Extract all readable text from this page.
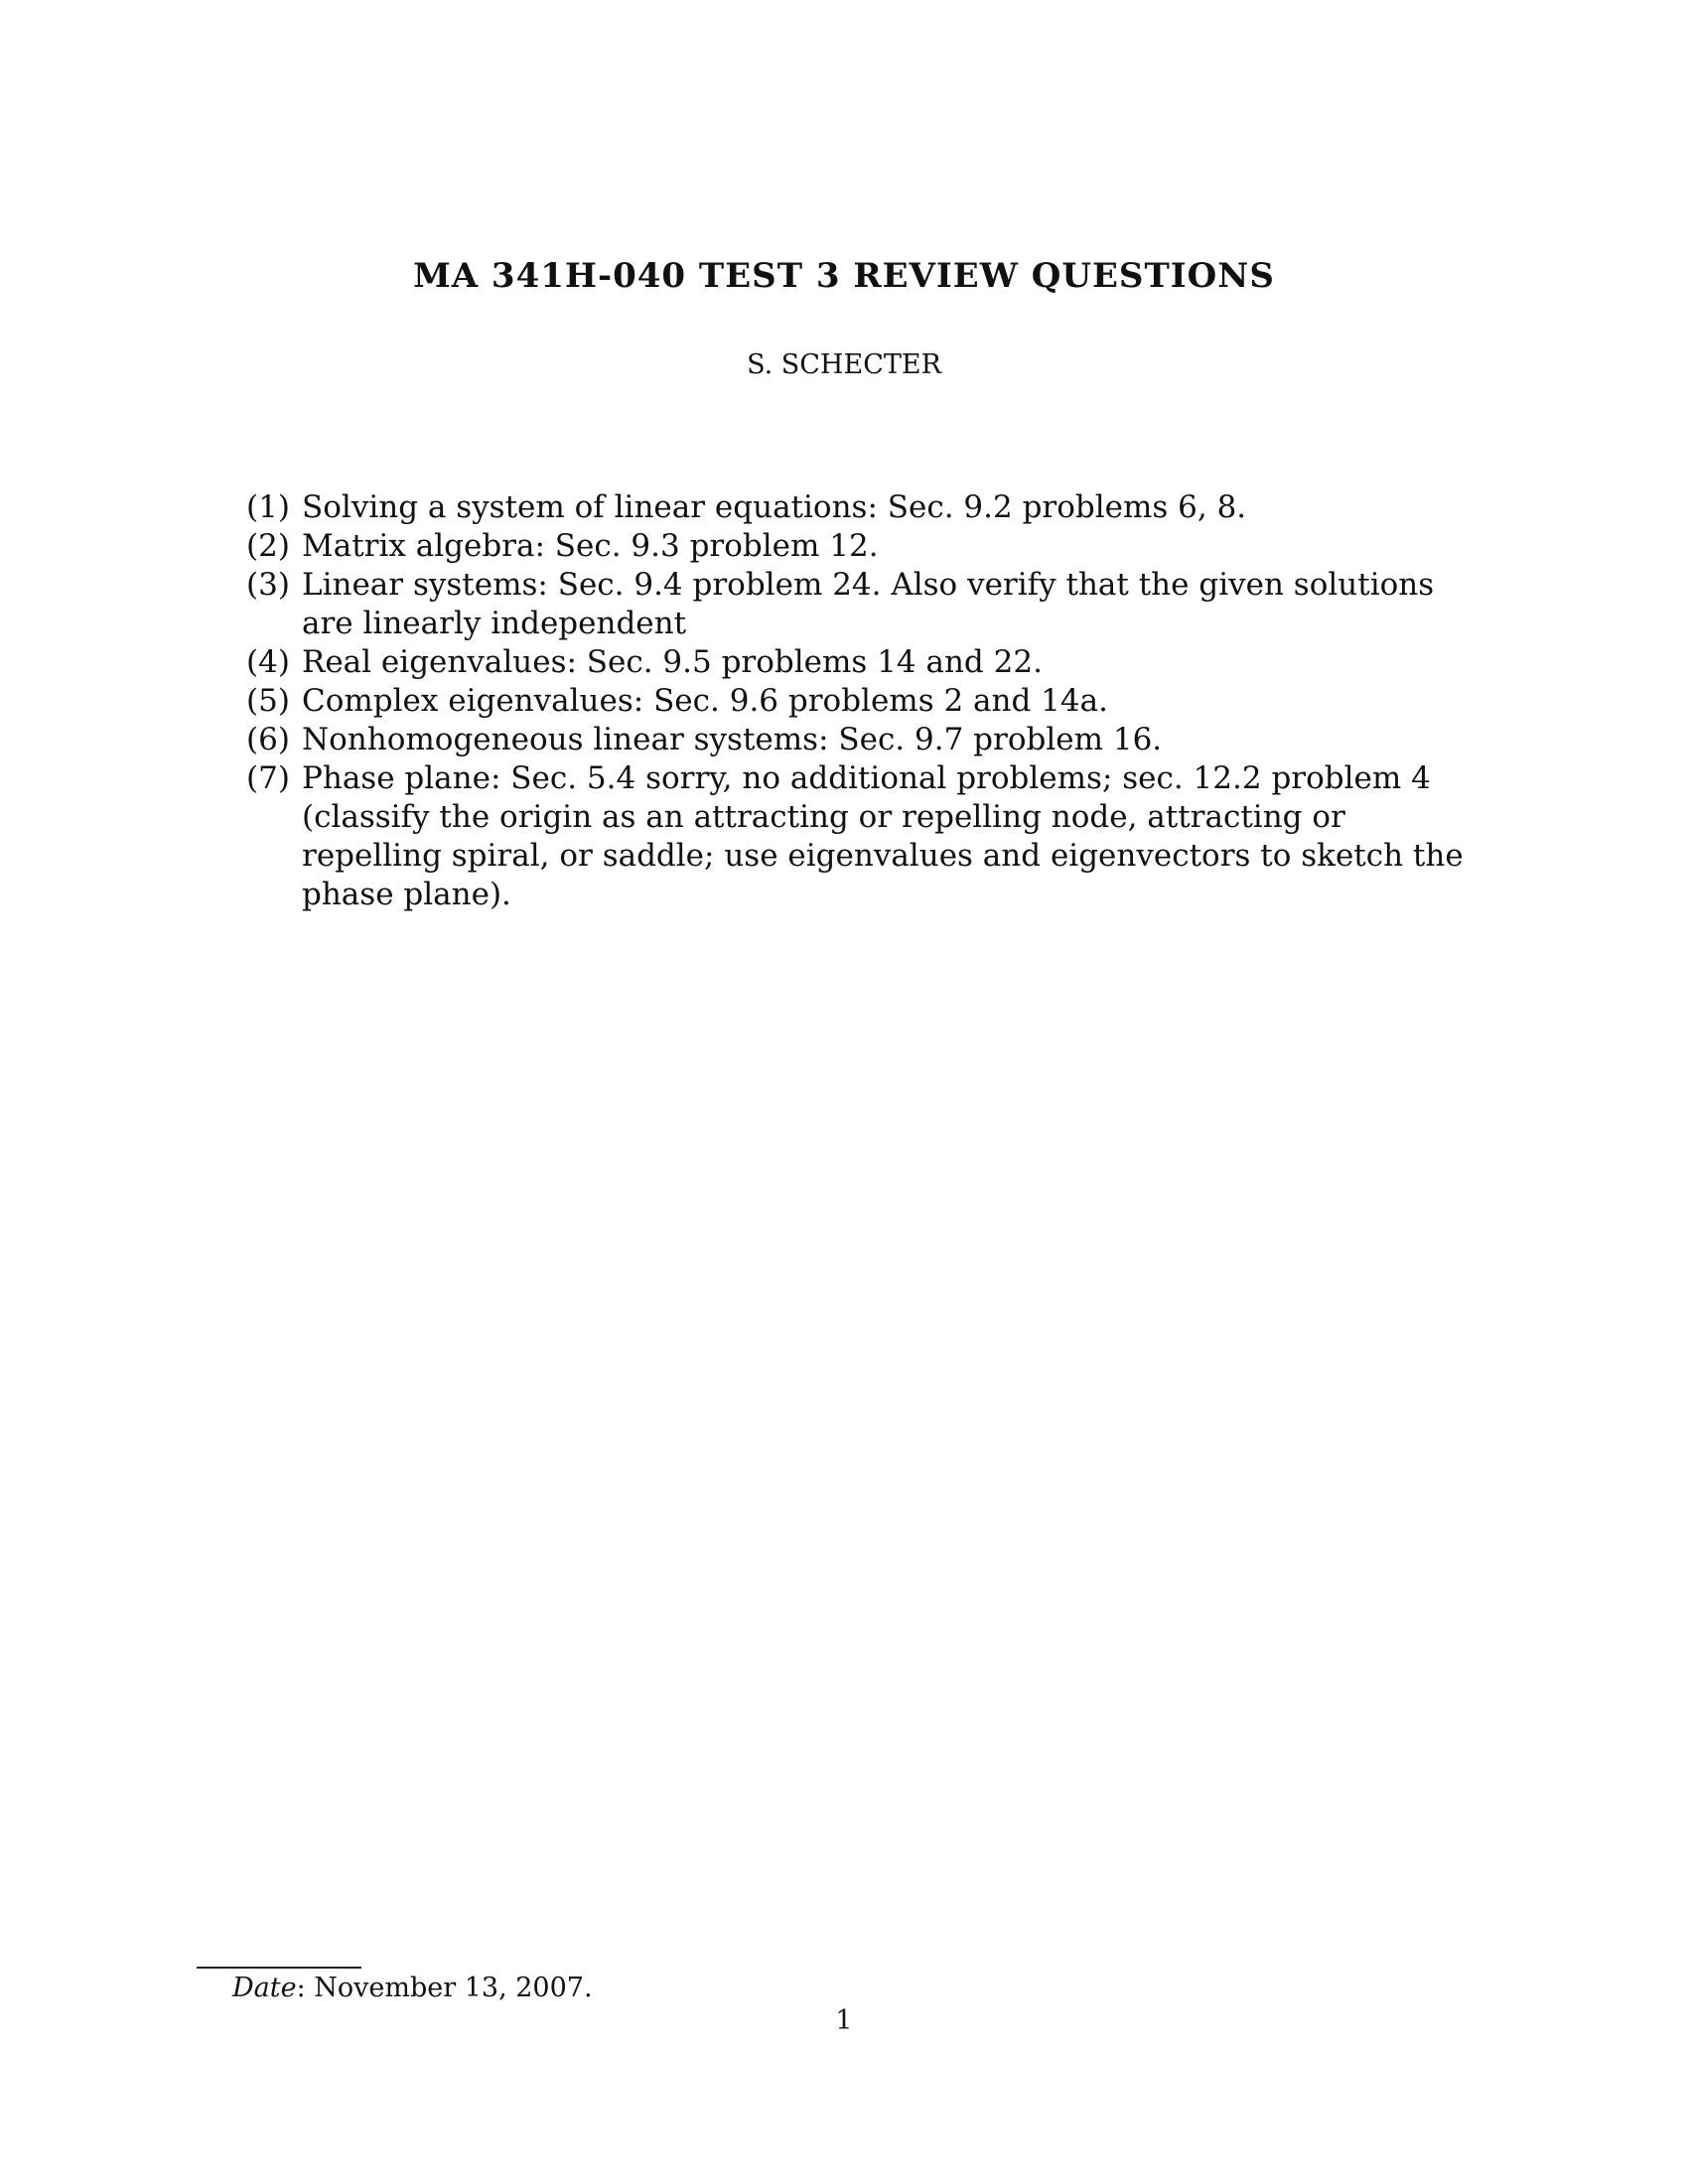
MA 341H-040 TEST 3 REVIEW QUESTIONS
S. SCHECTER
(1) Solving a system of linear equations: Sec. 9.2 problems 6, 8.
(2) Matrix algebra: Sec. 9.3 problem 12.
(3) Linear systems: Sec. 9.4 problem 24. Also verify that the given solutions are linearly independent
(4) Real eigenvalues: Sec. 9.5 problems 14 and 22.
(5) Complex eigenvalues: Sec. 9.6 problems 2 and 14a.
(6) Nonhomogeneous linear systems: Sec. 9.7 problem 16.
(7) Phase plane: Sec. 5.4 sorry, no additional problems; sec. 12.2 problem 4 (classify the origin as an attracting or repelling node, attracting or repelling spiral, or saddle; use eigenvalues and eigenvectors to sketch the phase plane).
Date: November 13, 2007.
1
